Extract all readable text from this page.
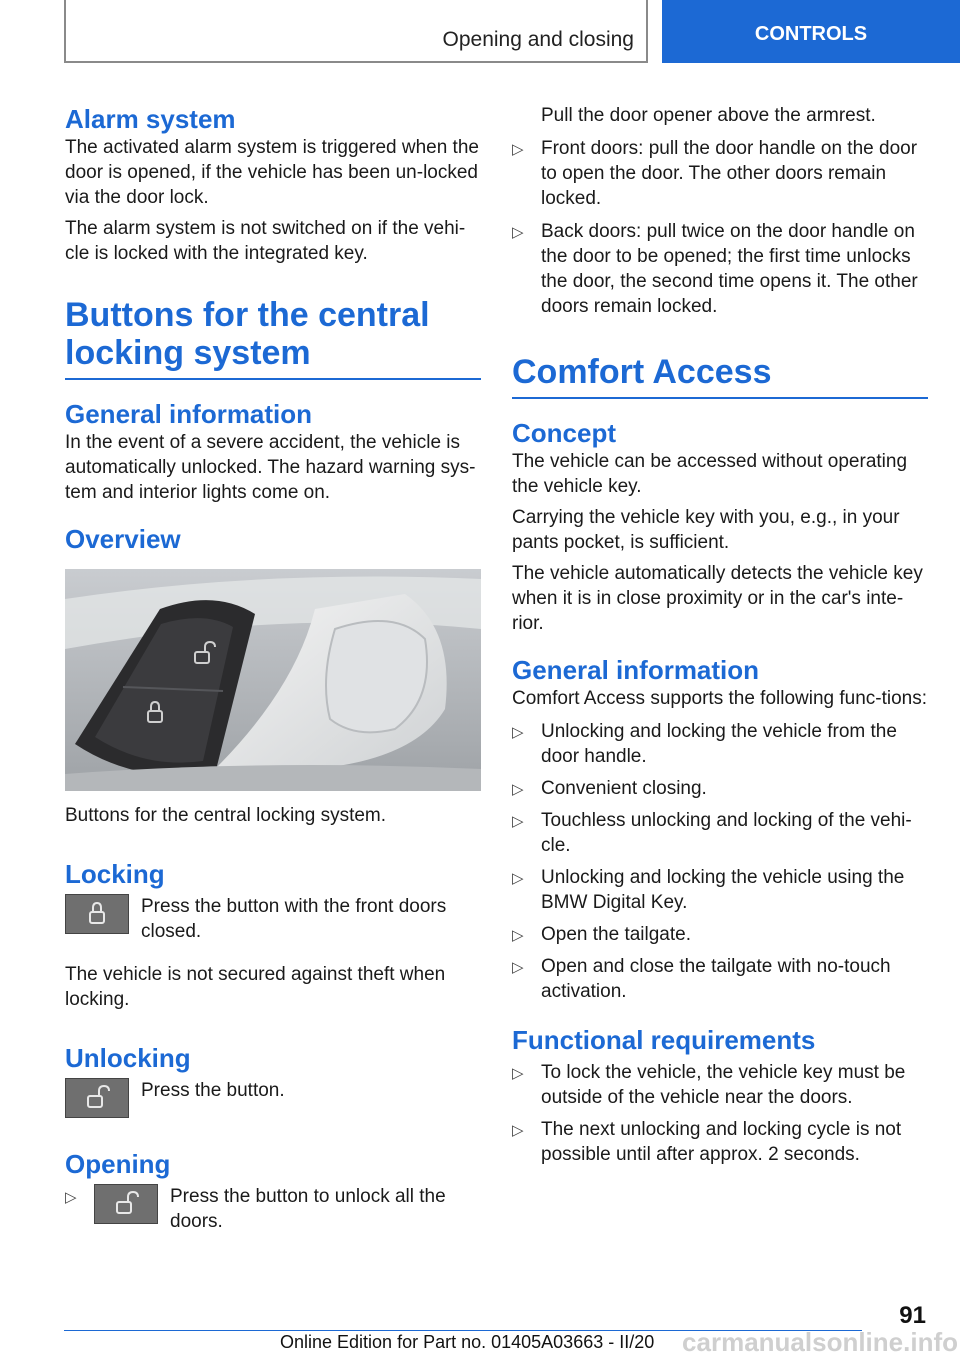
Opening and closing	CONTROLS
Alarm system

The activated alarm system is triggered when the door is opened, if the vehicle has been un‐locked via the door lock.

The alarm system is not switched on if the vehi‐cle is locked with the integrated key.

Buttons for the central locking system
General information

In the event of a severe accident, the vehicle is automatically unlocked. The hazard warning sys‐tem and interior lights come on.

Overview

Buttons for the central locking system.

Locking

Press the button with the front doors closed.

The vehicle is not secured against theft when locking.

Unlocking

Press the button.

Opening
▷	Press the button to unlock all the doors.

Pull the door opener above the armrest.

▷ Front doors: pull the door handle on the door to open the door. The other doors remain locked.
▷ Back doors: pull twice on the door handle on the door to be opened; the first time unlocks the door, the second time opens it. The other doors remain locked.
Comfort Access
Concept

The vehicle can be accessed without operating the vehicle key.

Carrying the vehicle key with you, e.g., in your pants pocket, is sufficient.

The vehicle automatically detects the vehicle key when it is in close proximity or in the car's inte‐rior.

General information

Comfort Access supports the following func‐tions:

▷ Unlocking and locking the vehicle from the door handle.
▷ Convenient closing.
▷ Touchless unlocking and locking of the vehi‐cle.
▷ Unlocking and locking the vehicle using the BMW Digital Key.
▷ Open the tailgate.
▷ Open and close the tailgate with no-touch activation.
Functional requirements
▷ To lock the vehicle, the vehicle key must be outside of the vehicle near the doors.
▷ The next unlocking and locking cycle is not possible until after approx. 2 seconds.
91
Online Edition for Part no. 01405A03663 - II/20 carmanualsonline.info
